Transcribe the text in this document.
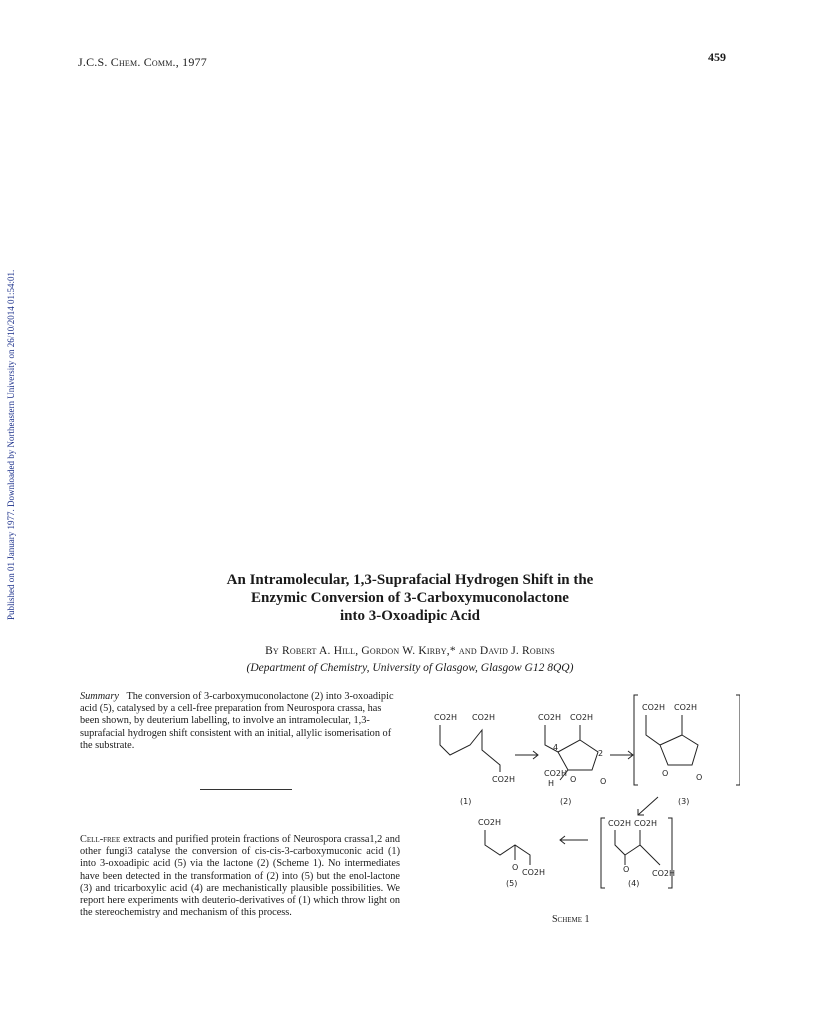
J.C.S. Chem. Comm., 1977	459
Published on 01 January 1977. Downloaded by Northeastern University on 26/10/2014 01:54:01.	An Intramolecular, 1,3-Suprafacial Hydrogen Shift in the
Enzymic Conversion of 3-Carboxymuconolactone
into 3-Oxoadipic Acid
By Robert A. Hill, Gordon W. Kirby,* and David J. Robins
(Department of Chemistry, University of Glasgow, Glasgow G12 8QQ)
Summary The conversion of 3-carboxymuconolactone (2) into 3-oxoadipic acid (5), catalysed by a cell-free preparation from Neurospora crassa, has been shown, by deuterium labelling, to involve an intramolecular, 1,3-suprafacial hydrogen shift consistent with an initial, allylic isomerisation of the substrate.
Cell-free extracts and purified protein fractions of Neurospora crassa1,2 and other fungi3 catalyse the conversion of cis-cis-3-carboxymuconic acid (1) into 3-oxoadipic acid (5) via the lactone (2) (Scheme 1). No intermediates have been detected in the transformation of (2) into (5) but the enol-lactone (3) and tricarboxylic acid (4) are mechanistically plausible possibilities. We report here experiments with deuterio-derivatives of (1) which throw light on the stereochemistry and mechanism of this process.
CO2H CO2H
CO2H
CO2H CO2H
CO2H
H O	O
4
2
CO2H CO2H
O	O
CO2H CO2H
CO2H
O
CO2H
CO2H
O
(1)	(2)	(3)
(4)
(5)
Scheme 1
